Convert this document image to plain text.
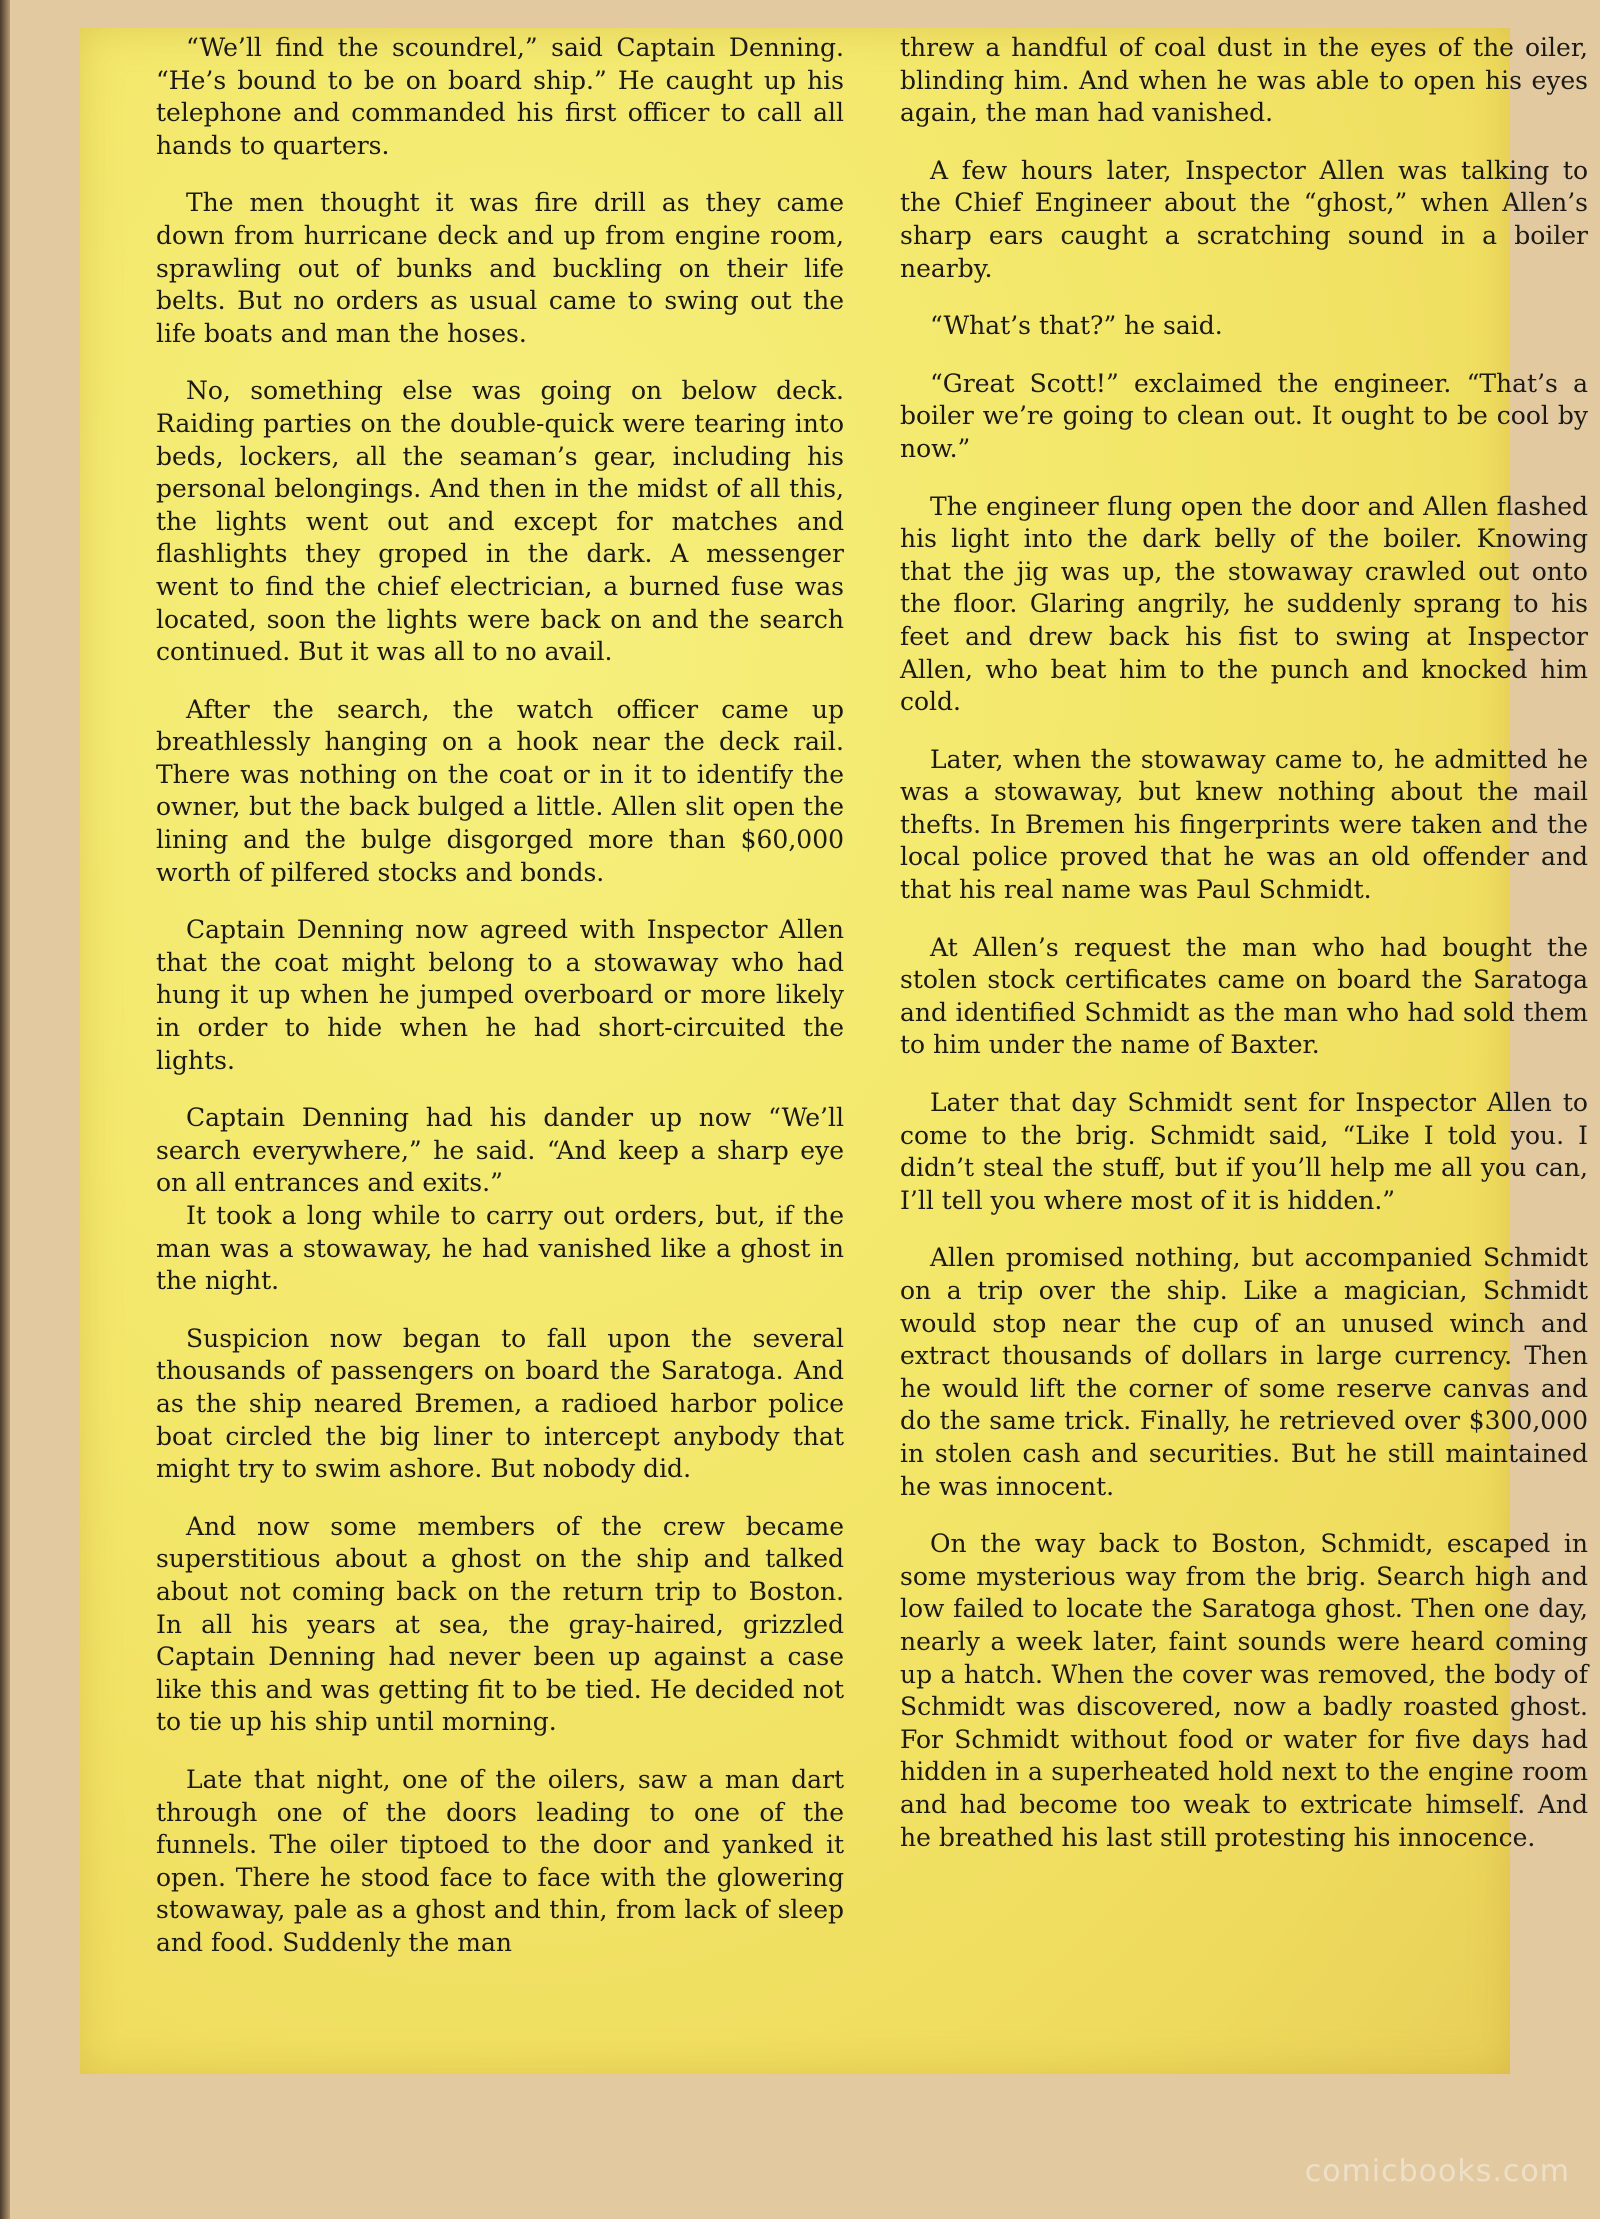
“We’ll find the scoundrel,” said Captain Denning. “He’s bound to be on board ship.” He caught up his telephone and commanded his first officer to call all hands to quarters.

The men thought it was fire drill as they came down from hurricane deck and up from engine room, sprawling out of bunks and buckling on their life belts. But no orders as usual came to swing out the life boats and man the hoses.

No, something else was going on below deck. Raiding parties on the double-quick were tearing into beds, lockers, all the seaman’s gear, including his personal belongings. And then in the midst of all this, the lights went out and except for matches and flashlights they groped in the dark. A messenger went to find the chief electrician, a burned fuse was located, soon the lights were back on and the search continued. But it was all to no avail.

After the search, the watch officer came up breathlessly hanging on a hook near the deck rail. There was nothing on the coat or in it to identify the owner, but the back bulged a little. Allen slit open the lining and the bulge disgorged more than $60,000 worth of pilfered stocks and bonds.

Captain Denning now agreed with Inspector Allen that the coat might belong to a stowaway who had hung it up when he jumped overboard or more likely in order to hide when he had short-circuited the lights.

Captain Denning had his dander up now “We’ll search everywhere,” he said. “And keep a sharp eye on all entrances and exits.”

It took a long while to carry out orders, but, if the man was a stowaway, he had vanished like a ghost in the night.

Suspicion now began to fall upon the several thousands of passengers on board the Saratoga. And as the ship neared Bremen, a radioed harbor police boat circled the big liner to intercept anybody that might try to swim ashore. But nobody did.

And now some members of the crew became superstitious about a ghost on the ship and talked about not coming back on the return trip to Boston. In all his years at sea, the gray-haired, grizzled Captain Denning had never been up against a case like this and was getting fit to be tied. He decided not to tie up his ship until morning.

Late that night, one of the oilers, saw a man dart through one of the doors leading to one of the funnels. The oiler tiptoed to the door and yanked it open. There he stood face to face with the glowering stowaway, pale as a ghost and thin, from lack of sleep and food. Suddenly the man

threw a handful of coal dust in the eyes of the oiler, blinding him. And when he was able to open his eyes again, the man had vanished.

A few hours later, Inspector Allen was talking to the Chief Engineer about the “ghost,” when Allen’s sharp ears caught a scratching sound in a boiler nearby.

“What’s that?” he said.

“Great Scott!” exclaimed the engineer. “That’s a boiler we’re going to clean out. It ought to be cool by now.”

The engineer flung open the door and Allen flashed his light into the dark belly of the boiler. Knowing that the jig was up, the stowaway crawled out onto the floor. Glaring angrily, he suddenly sprang to his feet and drew back his fist to swing at Inspector Allen, who beat him to the punch and knocked him cold.

Later, when the stowaway came to, he admitted he was a stowaway, but knew nothing about the mail thefts. In Bremen his fingerprints were taken and the local police proved that he was an old offender and that his real name was Paul Schmidt.

At Allen’s request the man who had bought the stolen stock certificates came on board the Saratoga and identified Schmidt as the man who had sold them to him under the name of Baxter.

Later that day Schmidt sent for Inspector Allen to come to the brig. Schmidt said, “Like I told you. I didn’t steal the stuff, but if you’ll help me all you can, I’ll tell you where most of it is hidden.”

Allen promised nothing, but accompanied Schmidt on a trip over the ship. Like a magician, Schmidt would stop near the cup of an unused winch and extract thousands of dollars in large currency. Then he would lift the corner of some reserve canvas and do the same trick. Finally, he retrieved over $300,000 in stolen cash and securities. But he still maintained he was innocent.

On the way back to Boston, Schmidt, escaped in some mysterious way from the brig. Search high and low failed to locate the Saratoga ghost. Then one day, nearly a week later, faint sounds were heard coming up a hatch. When the cover was removed, the body of Schmidt was discovered, now a badly roasted ghost. For Schmidt without food or water for five days had hidden in a superheated hold next to the engine room and had become too weak to extricate himself. And he breathed his last still protesting his innocence.

comicbooks.com
